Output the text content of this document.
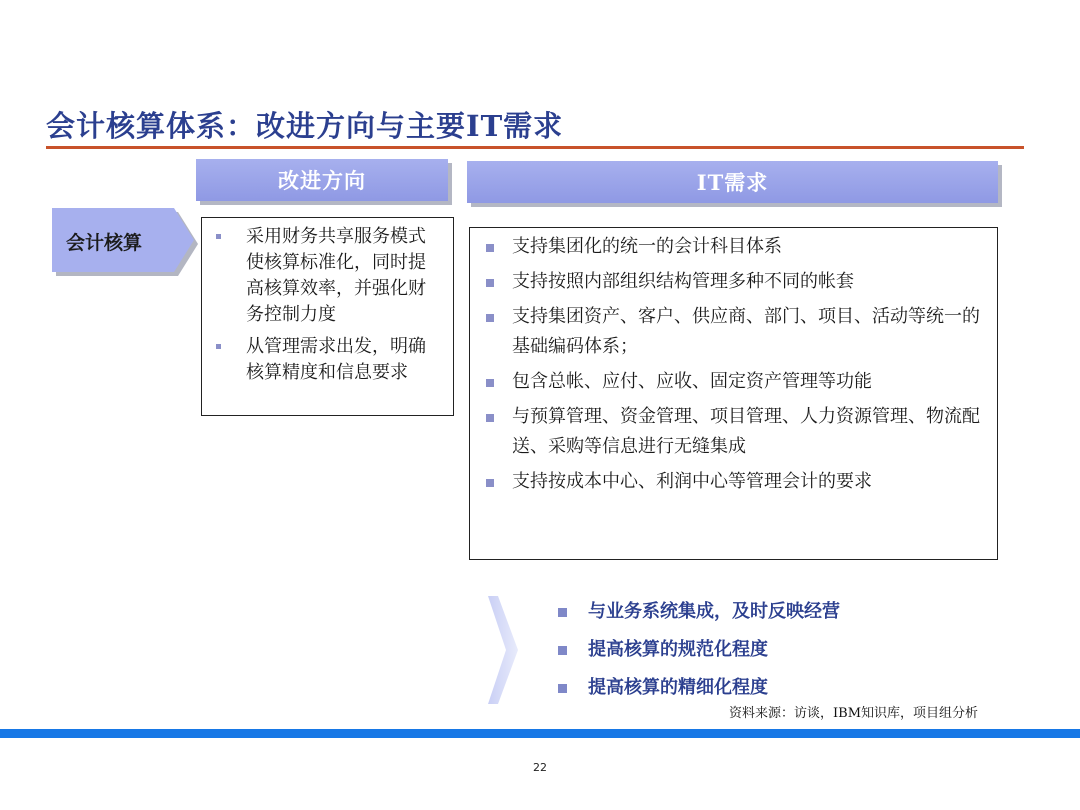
会计核算体系：改进方向与主要IT需求
改进方向	IT需求
会计核算	采用财务共享服务模式使核算标准化，同时提高核算效率，并强化财务控制力度
从管理需求出发，明确核算精度和信息要求
支持集团化的统一的会计科目体系
支持按照内部组织结构管理多种不同的帐套
支持集团资产、客户、供应商、部门、项目、活动等统一的基础编码体系；
包含总帐、应付、应收、固定资产管理等功能
与预算管理、资金管理、项目管理、人力资源管理、物流配送、采购等信息进行无缝集成
支持按成本中心、利润中心等管理会计的要求
与业务系统集成，及时反映经营
提高核算的规范化程度
提高核算的精细化程度
资料来源：访谈，IBM知识库，项目组分析
22
